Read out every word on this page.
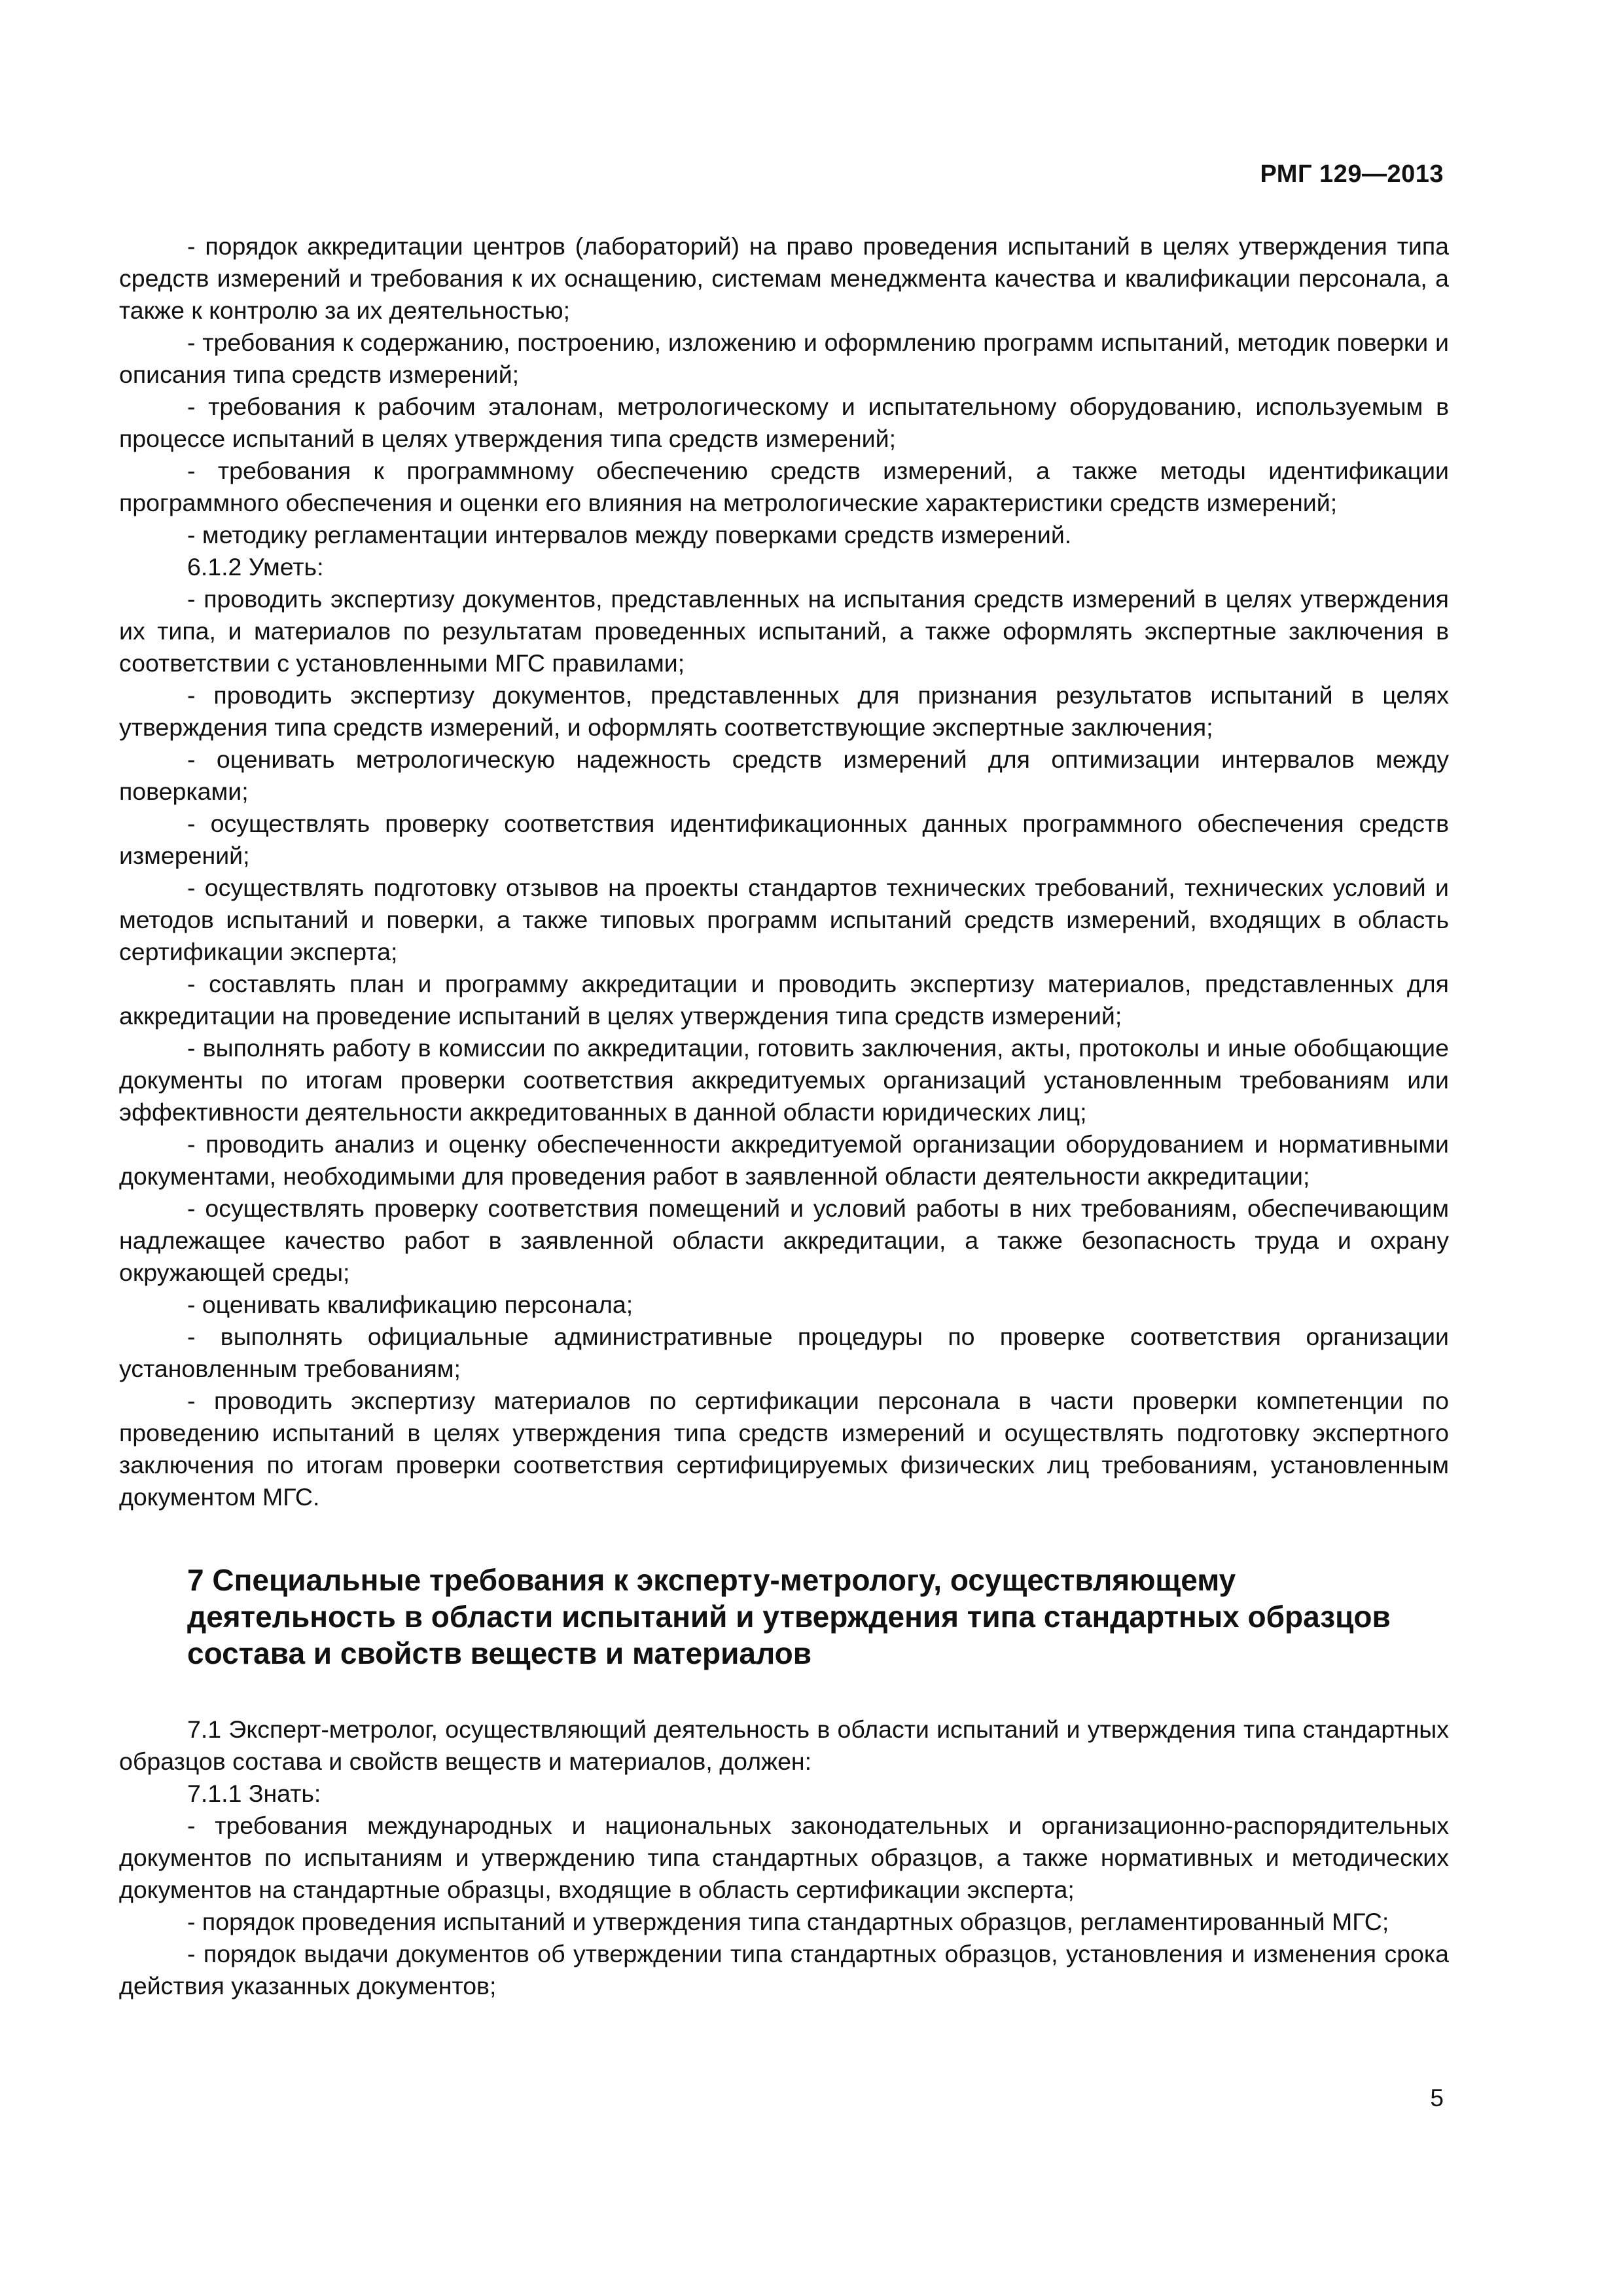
РМГ 129—2013

- порядок аккредитации центров (лабораторий) на право проведения испытаний в целях утверждения типа средств измерений и требования к их оснащению, системам менеджмента качества и квалификации персонала, а также к контролю за их деятельностью;

- требования к содержанию, построению, изложению и оформлению программ испытаний, методик поверки и описания типа средств измерений;

- требования к рабочим эталонам, метрологическому и испытательному оборудованию, используемым в процессе испытаний в целях утверждения типа средств измерений;

- требования к программному обеспечению средств измерений, а также методы идентификации программного обеспечения и оценки его влияния на метрологические характеристики средств измерений;

- методику регламентации интервалов между поверками средств измерений.

6.1.2 Уметь:

- проводить экспертизу документов, представленных на испытания средств измерений в целях утверждения их типа, и материалов по результатам проведенных испытаний, а также оформлять экспертные заключения в соответствии с установленными МГС правилами;

- проводить экспертизу документов, представленных для признания результатов испытаний в целях утверждения типа средств измерений, и оформлять соответствующие экспертные заключения;

- оценивать метрологическую надежность средств измерений для оптимизации интервалов между поверками;

- осуществлять проверку соответствия идентификационных данных программного обеспечения средств измерений;

- осуществлять подготовку отзывов на проекты стандартов технических требований, технических условий и методов испытаний и поверки, а также типовых программ испытаний средств измерений, входящих в область сертификации эксперта;

- составлять план и программу аккредитации и проводить экспертизу материалов, представленных для аккредитации на проведение испытаний в целях утверждения типа средств измерений;

- выполнять работу в комиссии по аккредитации, готовить заключения, акты, протоколы и иные обобщающие документы по итогам проверки соответствия аккредитуемых организаций установленным требованиям или эффективности деятельности аккредитованных в данной области юридических лиц;

- проводить анализ и оценку обеспеченности аккредитуемой организации оборудованием и нормативными документами, необходимыми для проведения работ в заявленной области деятельности аккредитации;

- осуществлять проверку соответствия помещений и условий работы в них требованиям, обеспечивающим надлежащее качество работ в заявленной области аккредитации, а также безопасность труда и охрану окружающей среды;

- оценивать квалификацию персонала;

- выполнять официальные административные процедуры по проверке соответствия организации установленным требованиям;

- проводить экспертизу материалов по сертификации персонала в части проверки компетенции по проведению испытаний в целях утверждения типа средств измерений и осуществлять подготовку экспертного заключения по итогам проверки соответствия сертифицируемых физических лиц требованиям, установленным документом МГС.

7 Специальные требования к эксперту-метрологу, осуществляющему деятельность в области испытаний и утверждения типа стандартных образцов состава и свойств веществ и материалов

7.1 Эксперт-метролог, осуществляющий деятельность в области испытаний и утверждения типа стандартных образцов состава и свойств веществ и материалов, должен:

7.1.1 Знать:

- требования международных и национальных законодательных и организационно-распорядительных документов по испытаниям и утверждению типа стандартных образцов, а также нормативных и методических документов на стандартные образцы, входящие в область сертификации эксперта;

- порядок проведения испытаний и утверждения типа стандартных образцов, регламентированный МГС;

- порядок выдачи документов об утверждении типа стандартных образцов, установления и изменения срока действия указанных документов;

5
